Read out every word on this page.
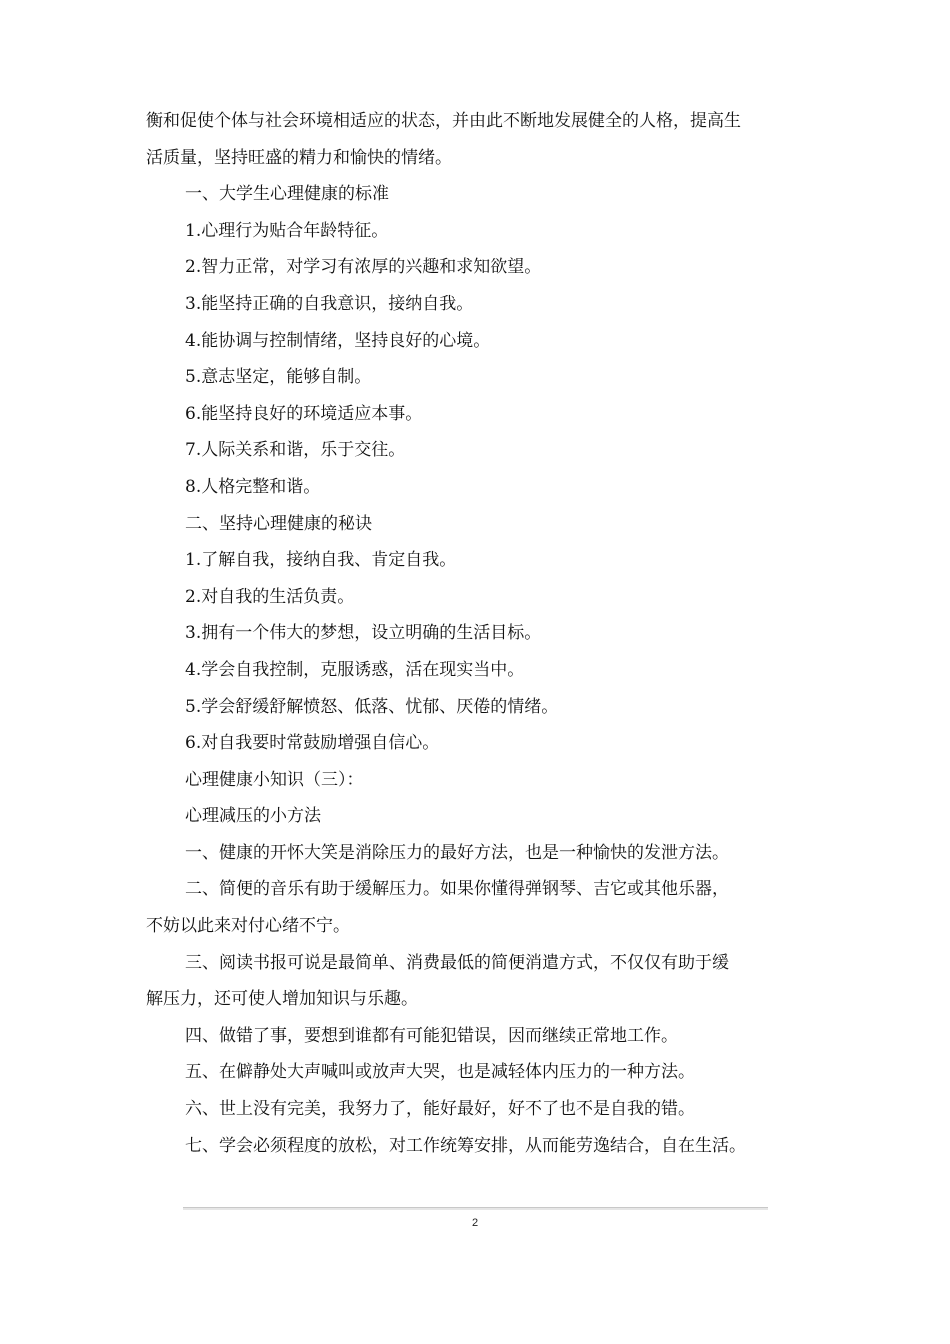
衡和促使个体与社会环境相适应的状态，并由此不断地发展健全的人格，提高生

活质量，坚持旺盛的精力和愉快的情绪。

一、大学生心理健康的标准

1.心理行为贴合年龄特征。

2.智力正常，对学习有浓厚的兴趣和求知欲望。

3.能坚持正确的自我意识，接纳自我。

4.能协调与控制情绪，坚持良好的心境。

5.意志坚定，能够自制。

6.能坚持良好的环境适应本事。

7.人际关系和谐，乐于交往。

8.人格完整和谐。

二、坚持心理健康的秘诀

1.了解自我，接纳自我、肯定自我。

2.对自我的生活负责。

3.拥有一个伟大的梦想，设立明确的生活目标。

4.学会自我控制，克服诱惑，活在现实当中。

5.学会舒缓舒解愤怒、低落、忧郁、厌倦的情绪。

6.对自我要时常鼓励增强自信心。

心理健康小知识（三）：

心理减压的小方法

一、健康的开怀大笑是消除压力的最好方法，也是一种愉快的发泄方法。

二、简便的音乐有助于缓解压力。如果你懂得弹钢琴、吉它或其他乐器，

不妨以此来对付心绪不宁。

三、阅读书报可说是最简单、消费最低的简便消遣方式，不仅仅有助于缓

解压力，还可使人增加知识与乐趣。

四、做错了事，要想到谁都有可能犯错误，因而继续正常地工作。

五、在僻静处大声喊叫或放声大哭，也是减轻体内压力的一种方法。

六、世上没有完美，我努力了，能好最好，好不了也不是自我的错。

七、学会必须程度的放松，对工作统筹安排，从而能劳逸结合，自在生活。

2
